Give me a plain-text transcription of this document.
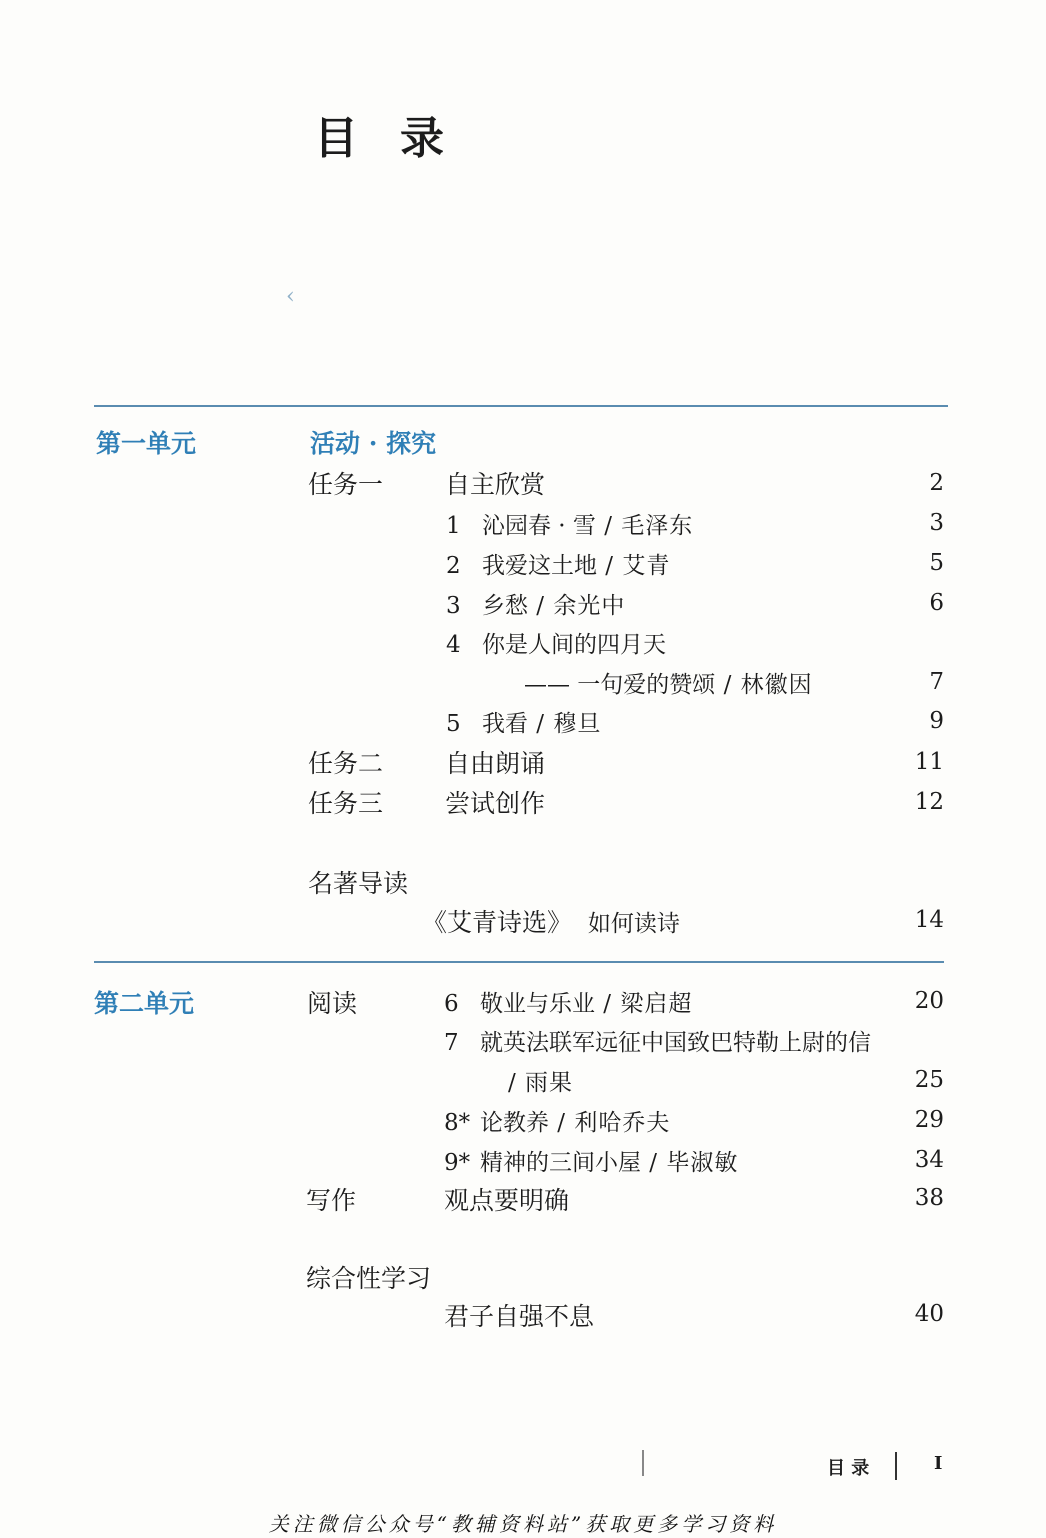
目 录
‹
第一单元	活动 · 探究
任务一 自主欣赏	2
1 沁园春 · 雪 / 毛泽东	3
2 我爱这土地 / 艾青	5
3 乡愁 / 余光中	6
4 你是人间的四月天
—— 一句爱的赞颂 / 林徽因	7
5 我看 / 穆旦	9
任务二 自由朗诵	11
任务三 尝试创作	12
名著导读
《艾青诗选》 如何读诗	14
第二单元	阅读	6 敬业与乐业 / 梁启超	20
7 就英法联军远征中国致巴特勒上尉的信
/ 雨果	25
8* 论教养 / 利哈乔夫	29
9* 精神的三间小屋 / 毕淑敏	34
写作	观点要明确	38
综合性学习
君子自强不息	40
目 录	I
关注微信公众号“教辅资料站”获取更多学习资料
